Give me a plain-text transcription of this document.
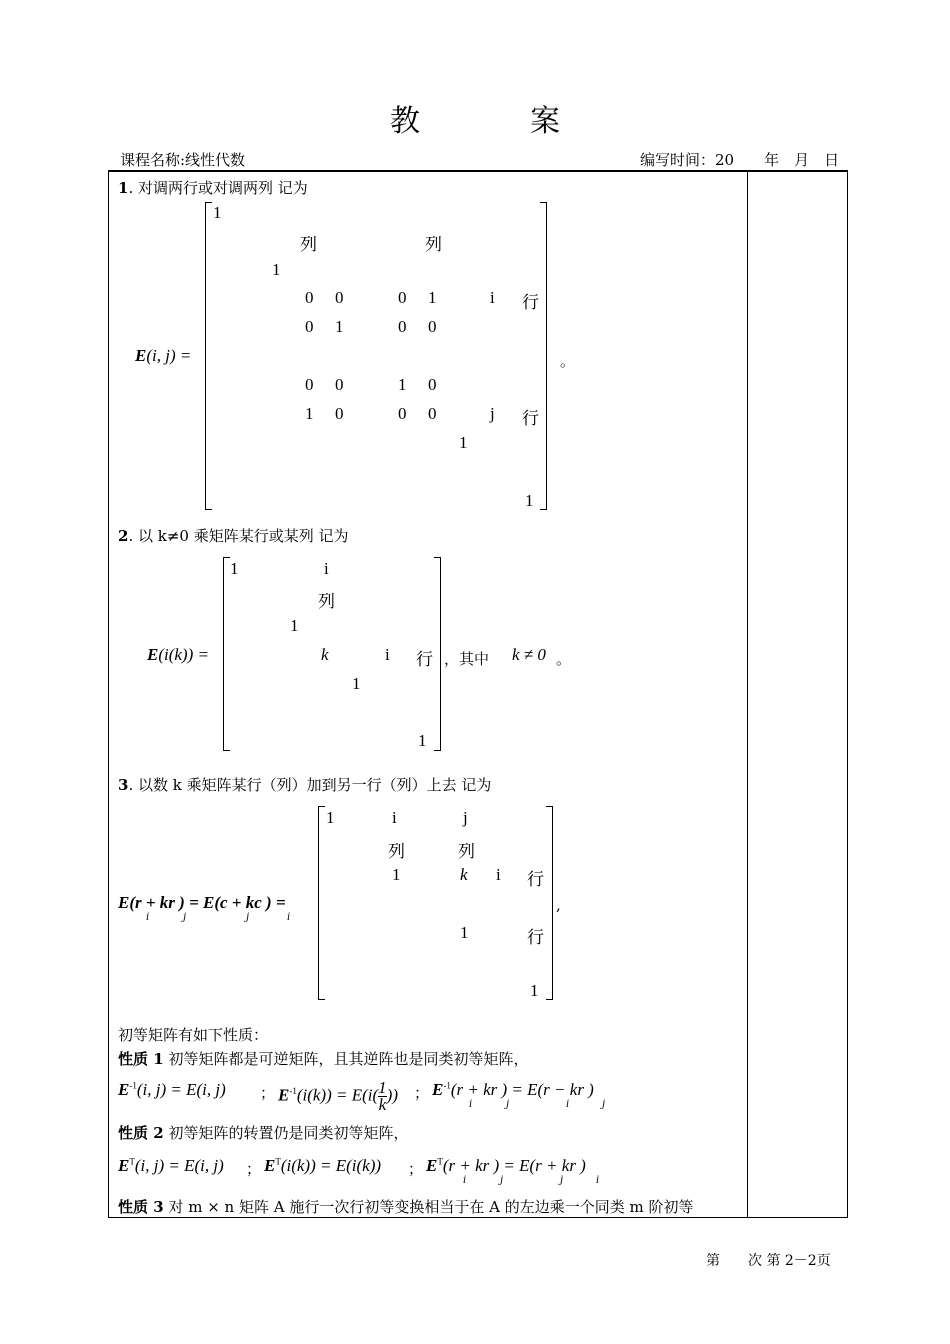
教　案
课程名称:线性代数	编写时间：20　　年　月　日
1. 对调两行或对调两列 记为
E(i, j) =
1
列	列
1
0 0	0 1	i 行
0 1	0 0
0 0	1 0
1 0	0 0	j 行
1
1
。
2. 以 k≠0 乘矩阵某行或某列 记为
E(i(k)) =
1	i
列
1
k	i 行
1
1
，其中 k ≠ 0 。
3. 以数 k 乘矩阵某行（列）加到另一行（列）上去 记为
E(r + kr ) = E(c + kc ) =
i	j	j	i
1	i	j
列	列
1	k i 行
1	行
1
,
初等矩阵有如下性质：
性质 1 初等矩阵都是可逆矩阵，且其逆阵也是同类初等矩阵，
$E^{-1}(i$, j) = E(i, j) ； $E^{-1}(i(k)) = E(i( \frac{1}{k}$ )) ； $E^{-1}(r$ + kr ) = E(r − kr )
i	j	i	j
性质 2 初等矩阵的转置仍是同类初等矩阵，
$E^T(i$, j) = E(i, j) ； $E^T(i(k)) = E(i(k))$ ； $E^T(r$ + kr ) = E(r + kr )
i	j	j	i
性质 3 对 m × n 矩阵 A 施行一次行初等变换相当于在 A 的左边乘一个同类 m 阶初等
第　　次 第 2－2页
